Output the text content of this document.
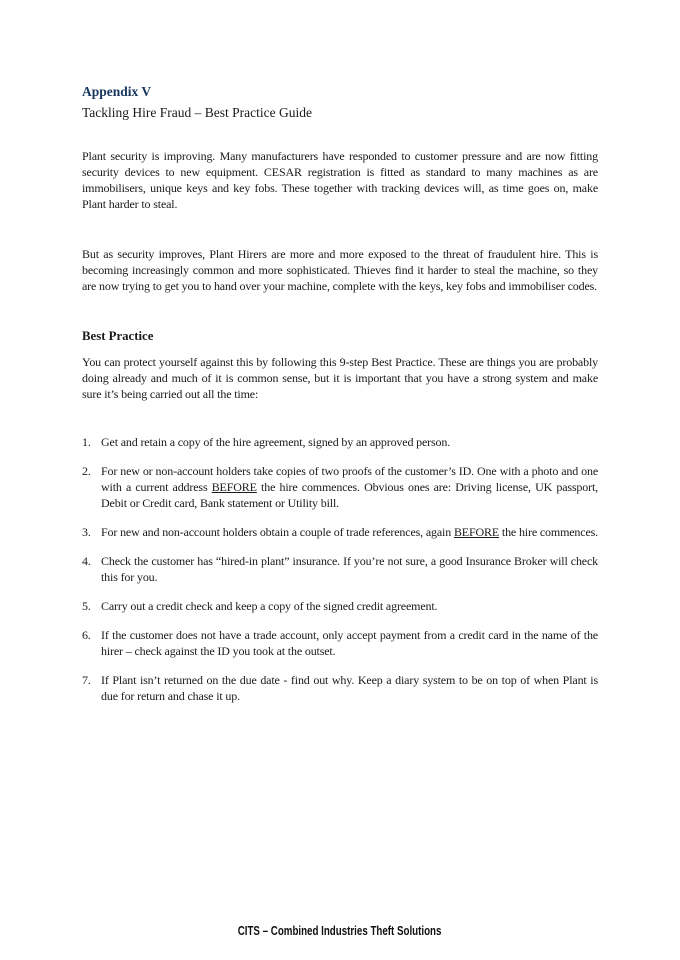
Appendix V
Tackling Hire Fraud – Best Practice Guide

Plant security is improving. Many manufacturers have responded to customer pressure and are now fitting security devices to new equipment. CESAR registration is fitted as standard to many machines as are immobilisers, unique keys and key fobs. These together with tracking devices will, as time goes on, make Plant harder to steal.

But as security improves, Plant Hirers are more and more exposed to the threat of fraudulent hire. This is becoming increasingly common and more sophisticated. Thieves find it harder to steal the machine, so they are now trying to get you to hand over your machine, complete with the keys, key fobs and immobiliser codes.

Best Practice

You can protect yourself against this by following this 9-step Best Practice. These are things you are probably doing already and much of it is common sense, but it is important that you have a strong system and make sure it’s being carried out all the time:

1. Get and retain a copy of the hire agreement, signed by an approved person.
2. For new or non-account holders take copies of two proofs of the customer’s ID. One with a photo and one with a current address BEFORE the hire commences. Obvious ones are: Driving license, UK passport, Debit or Credit card, Bank statement or Utility bill.
3. For new and non-account holders obtain a couple of trade references, again BEFORE the hire commences.
4. Check the customer has “hired-in plant” insurance. If you’re not sure, a good Insurance Broker will check this for you.
5. Carry out a credit check and keep a copy of the signed credit agreement.
6. If the customer does not have a trade account, only accept payment from a credit card in the name of the hirer – check against the ID you took at the outset.
7. If Plant isn’t returned on the due date - find out why. Keep a diary system to be on top of when Plant is due for return and chase it up.
CITS – Combined Industries Theft Solutions
